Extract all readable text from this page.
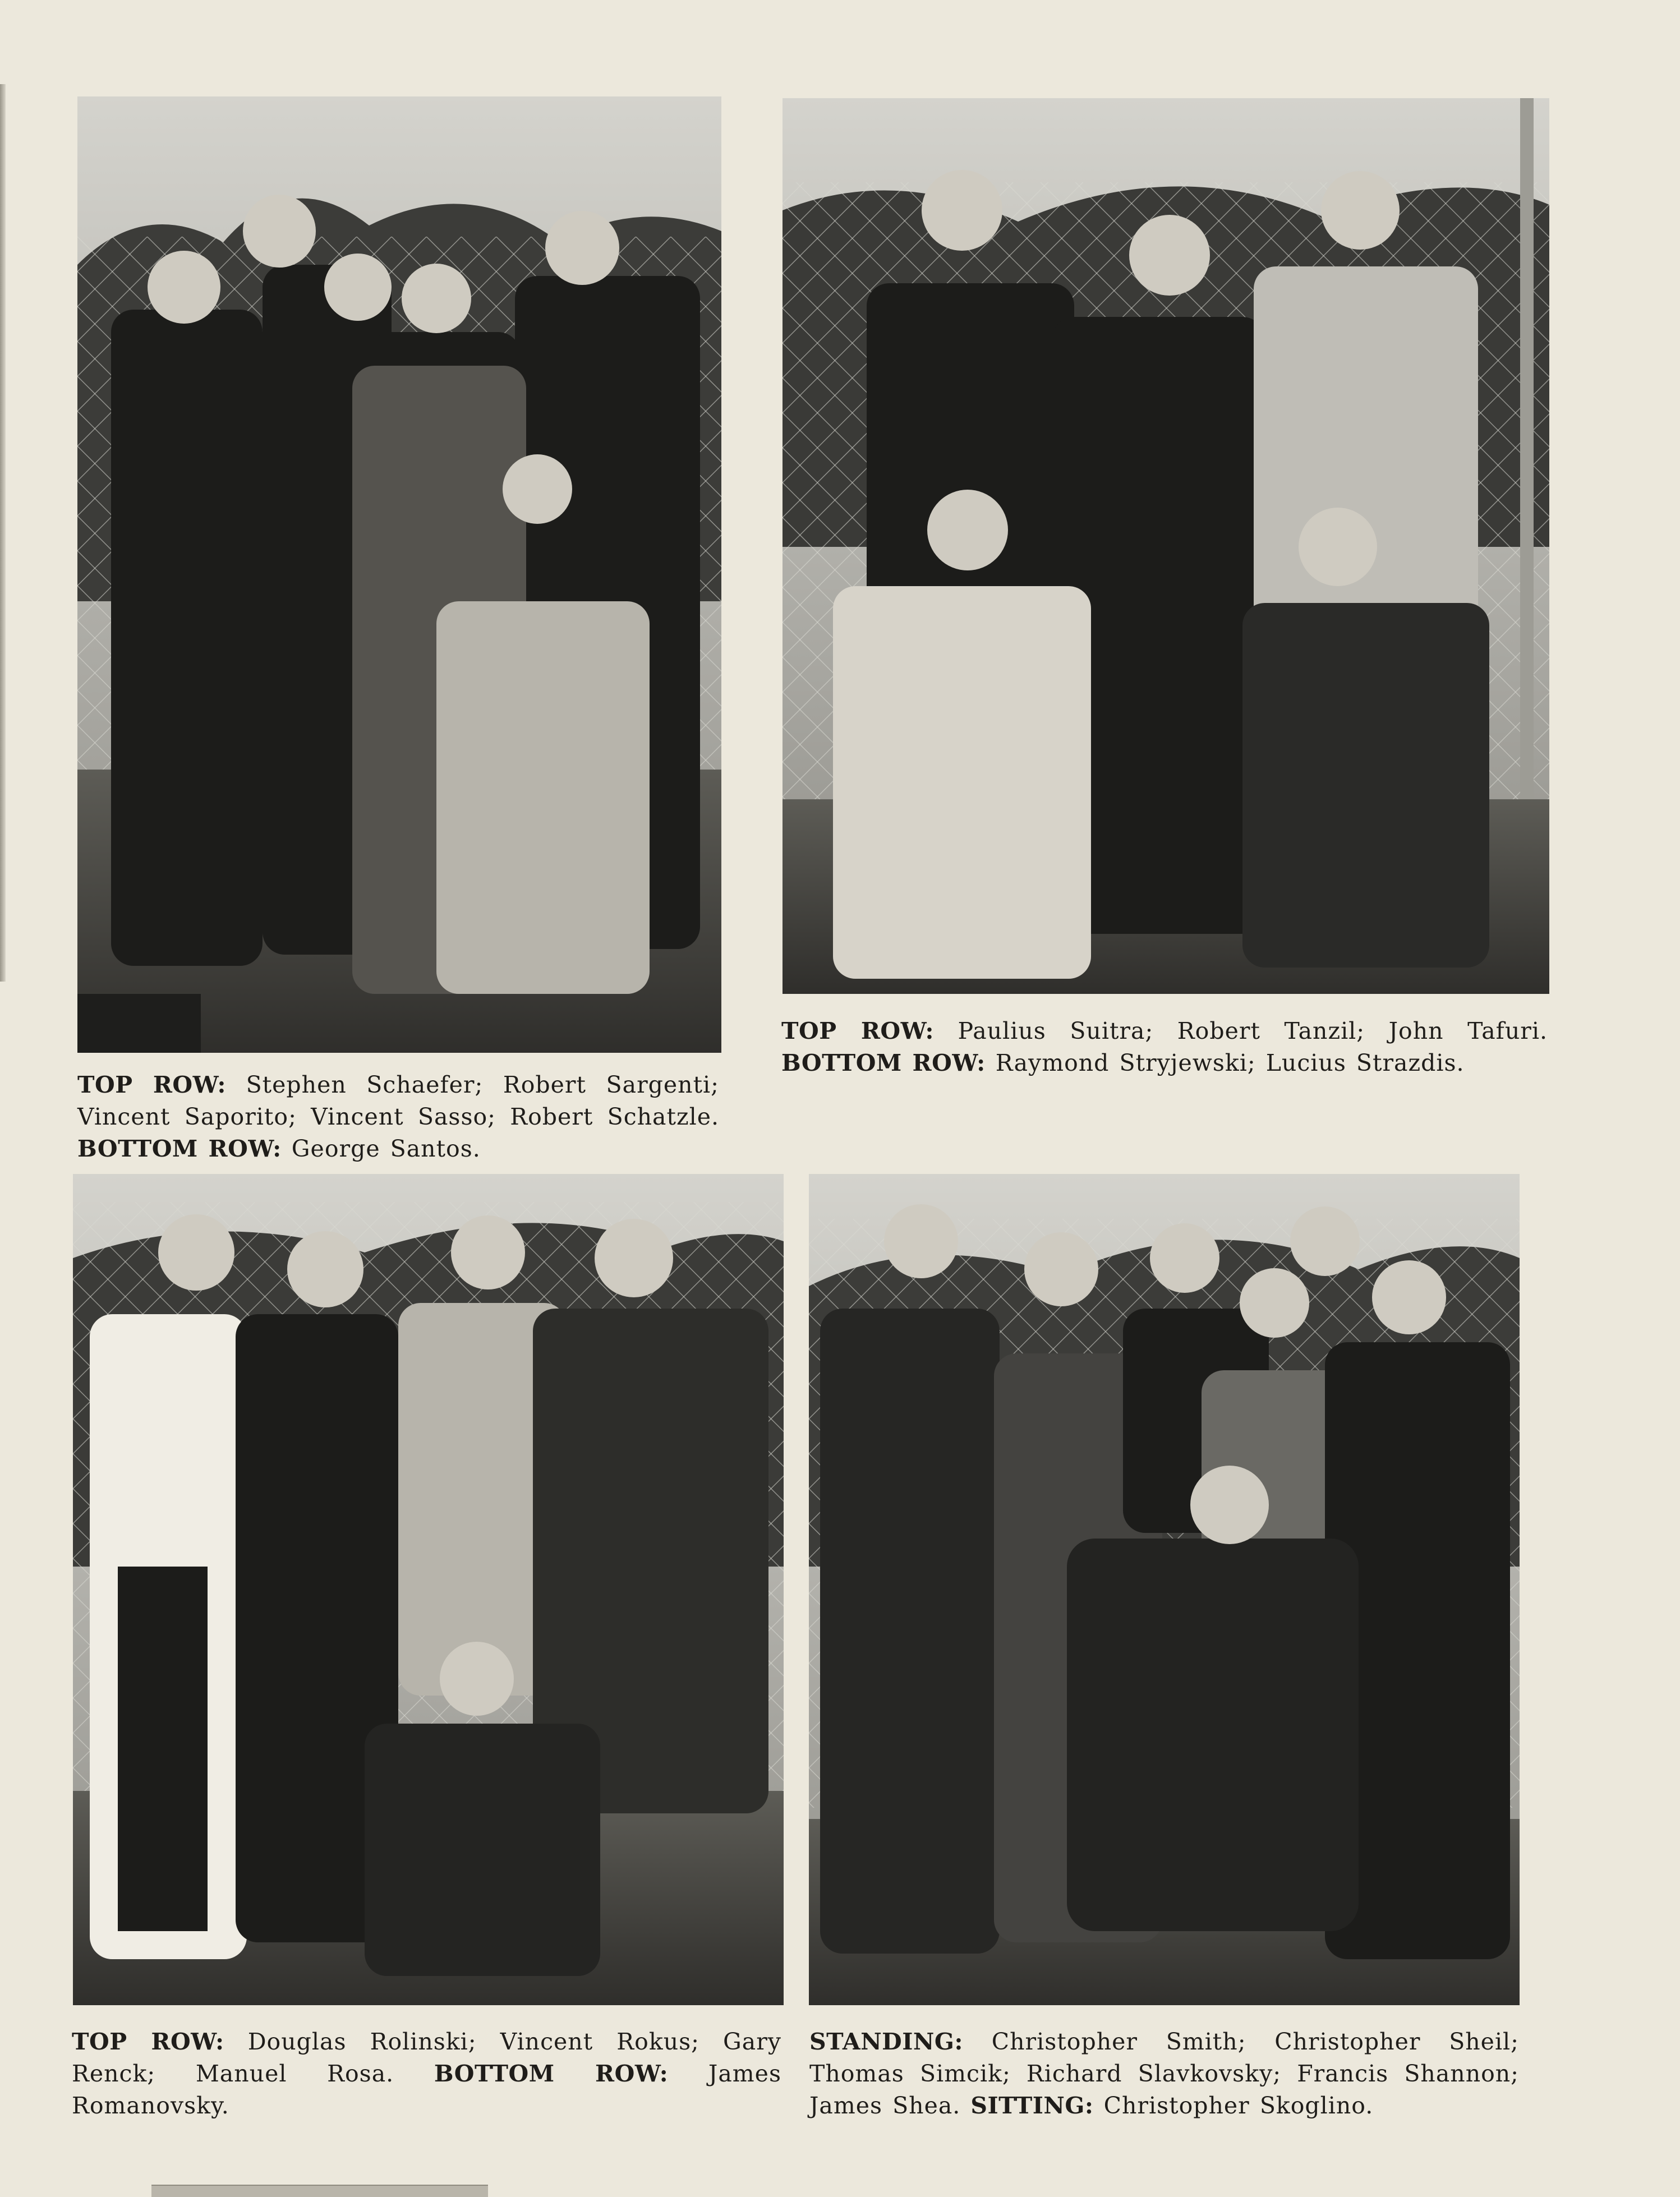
TOP ROW: Stephen Schaefer; Robert Sargenti; Vincent Saporito; Vincent Sasso; Robert Schatzle. BOTTOM ROW: George Santos.
TOP ROW: Paulius Suitra; Robert Tanzil; John Tafuri. BOTTOM ROW: Raymond Stryjewski; Lucius Strazdis.
TOP ROW: Douglas Rolinski; Vincent Rokus; Gary Renck; Manuel Rosa. BOTTOM ROW: James Romanovsky.
STANDING: Christopher Smith; Christopher Sheil; Thomas Simcik; Richard Slavkovsky; Francis Shannon; James Shea. SITTING: Christopher Skoglino.
